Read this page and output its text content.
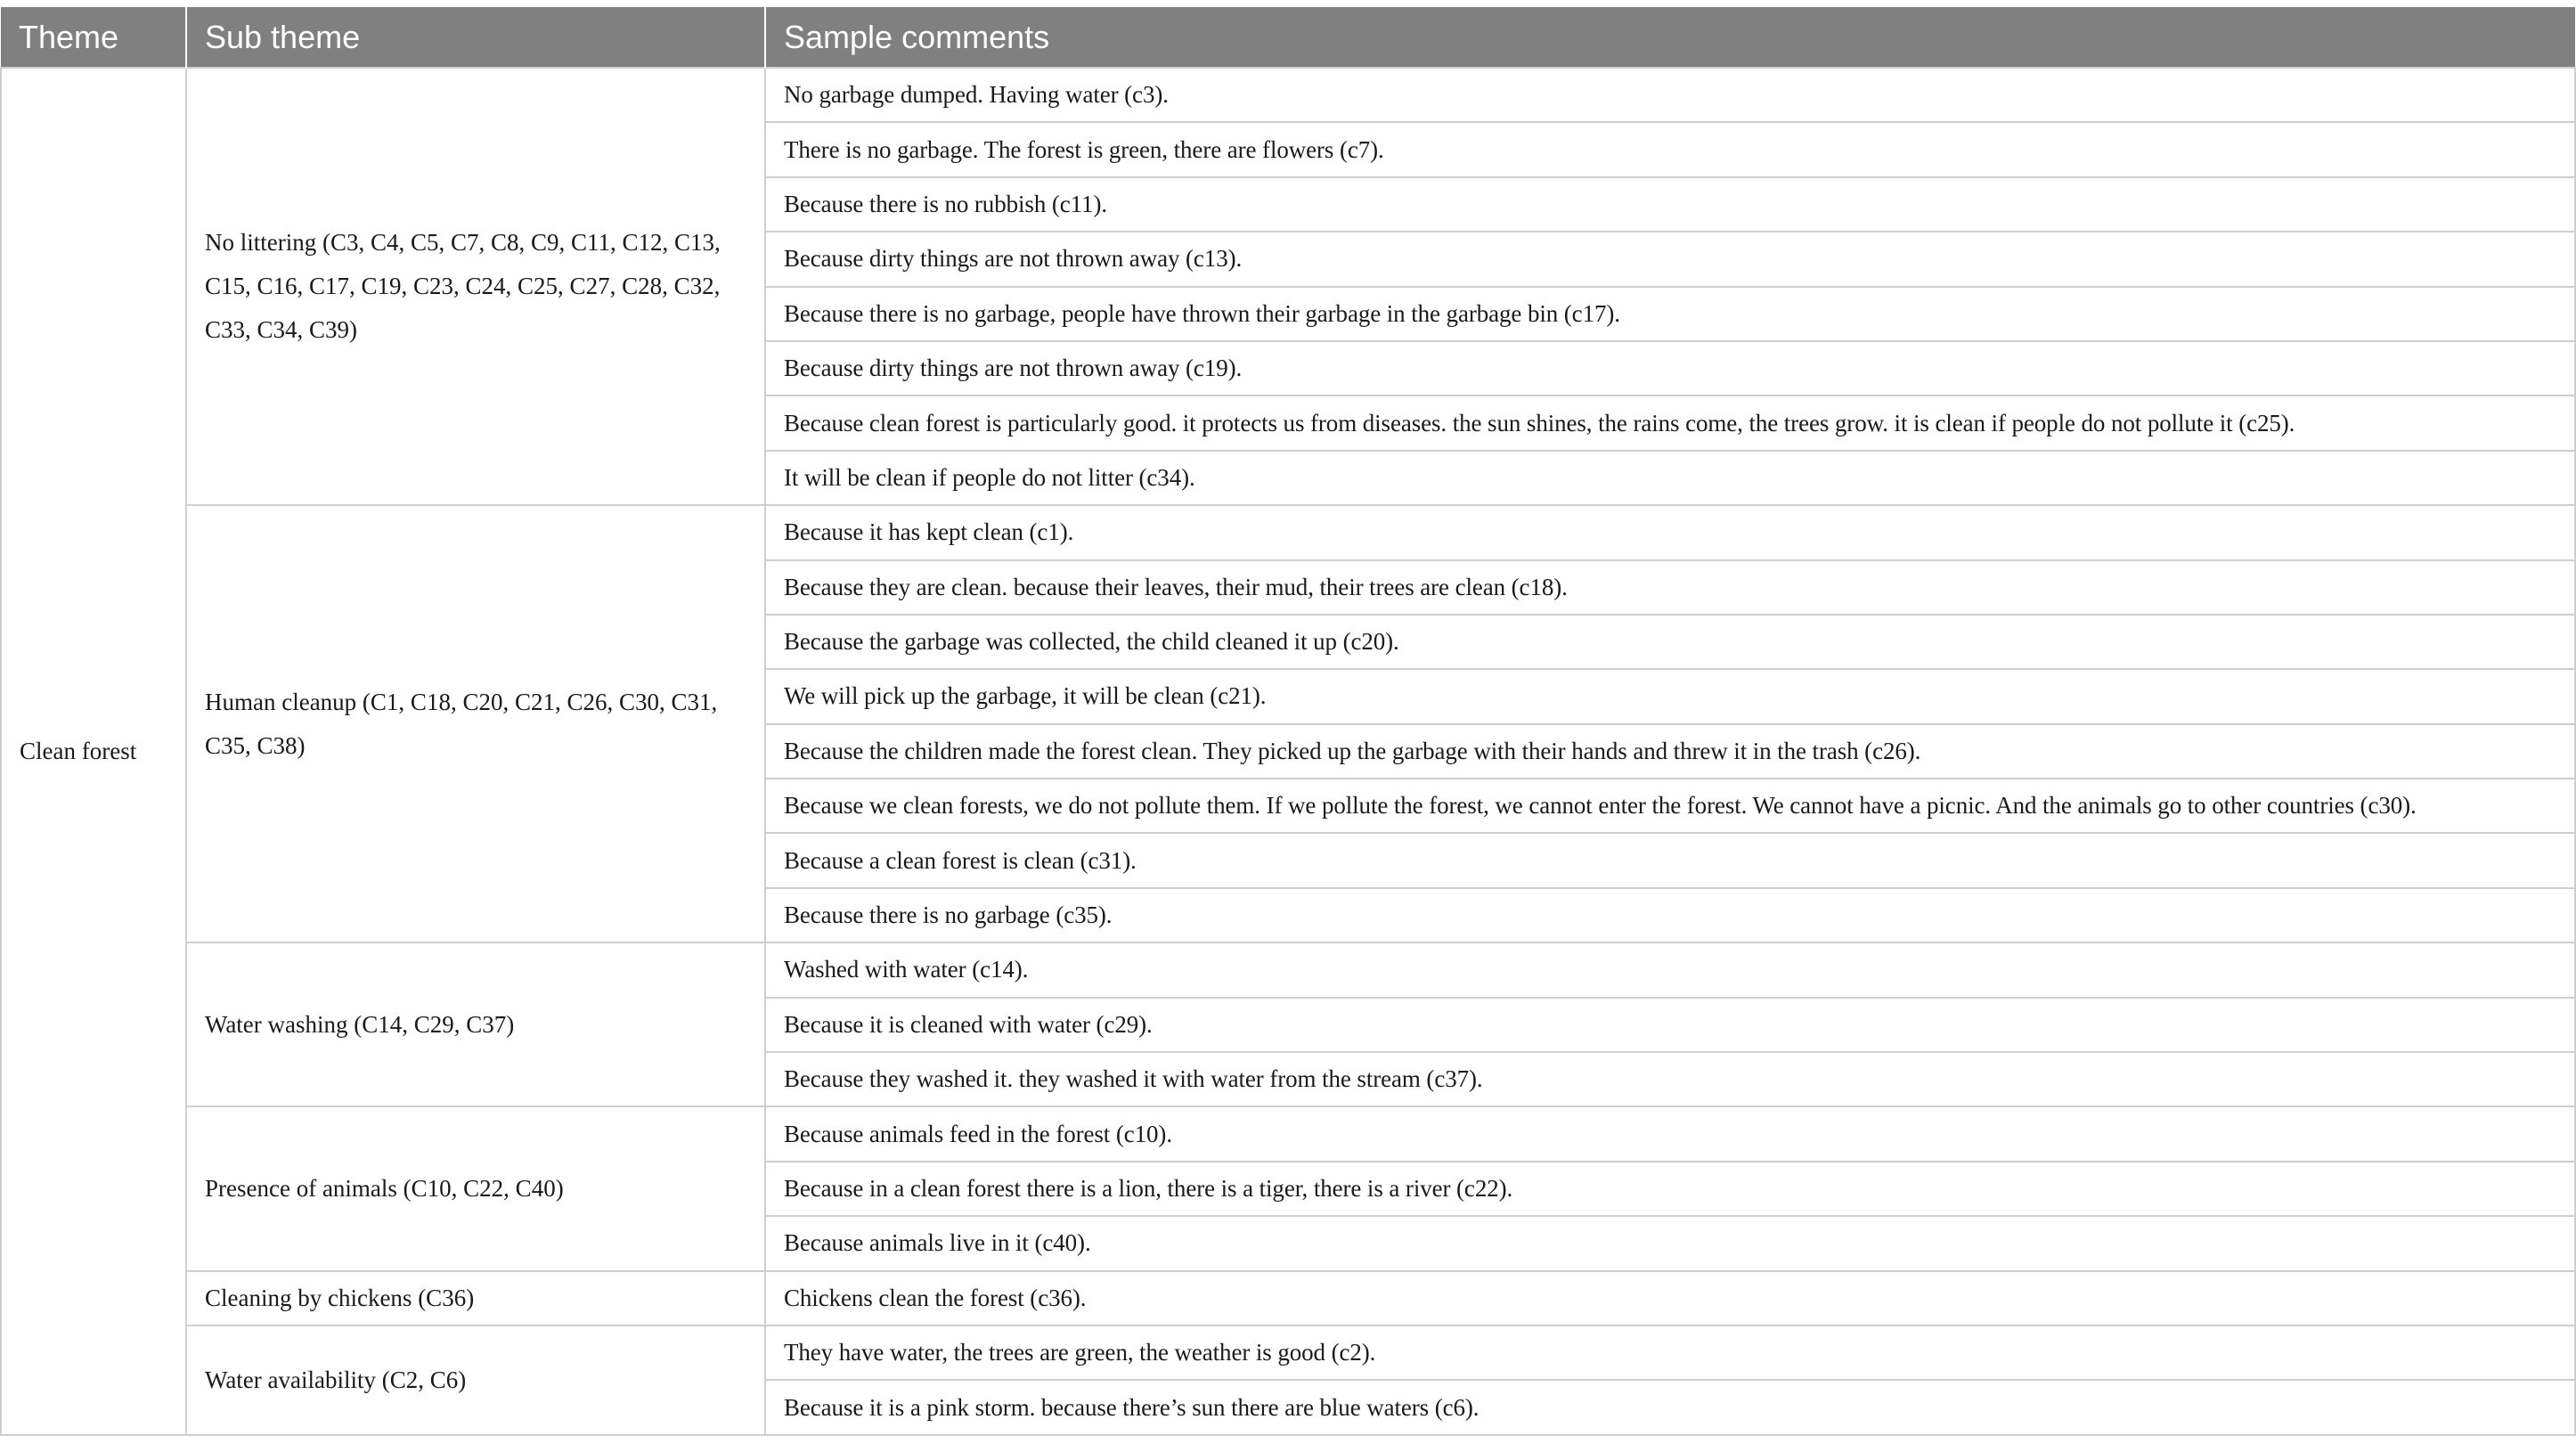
Theme	Sub theme	Sample comments
Clean forest	No littering (C3, C4, C5, C7, C8, C9, C11, C12, C13, C15, C16, C17, C19, C23, C24, C25, C27, C28, C32, C33, C34, C39)	No garbage dumped. Having water (c3).
		There is no garbage. The forest is green, there are flowers (c7).
		Because there is no rubbish (c11).
		Because dirty things are not thrown away (c13).
		Because there is no garbage, people have thrown their garbage in the garbage bin (c17).
		Because dirty things are not thrown away (c19).
		Because clean forest is particularly good. it protects us from diseases. the sun shines, the rains come, the trees grow. it is clean if people do not pollute it (c25).
		It will be clean if people do not litter (c34).
	Human cleanup (C1, C18, C20, C21, C26, C30, C31, C35, C38)	Because it has kept clean (c1).
		Because they are clean. because their leaves, their mud, their trees are clean (c18).
		Because the garbage was collected, the child cleaned it up (c20).
		We will pick up the garbage, it will be clean (c21).
		Because the children made the forest clean. They picked up the garbage with their hands and threw it in the trash (c26).
		Because we clean forests, we do not pollute them. If we pollute the forest, we cannot enter the forest. We cannot have a picnic. And the animals go to other countries (c30).
		Because a clean forest is clean (c31).
		Because there is no garbage (c35).
	Water washing (C14, C29, C37)	Washed with water (c14).
		Because it is cleaned with water (c29).
		Because they washed it. they washed it with water from the stream (c37).
	Presence of animals (C10, C22, C40)	Because animals feed in the forest (c10).
		Because in a clean forest there is a lion, there is a tiger, there is a river (c22).
		Because animals live in it (c40).
	Cleaning by chickens (C36)	Chickens clean the forest (c36).
	Water availability (C2, C6)	They have water, the trees are green, the weather is good (c2).
		Because it is a pink storm. because there’s sun there are blue waters (c6).
